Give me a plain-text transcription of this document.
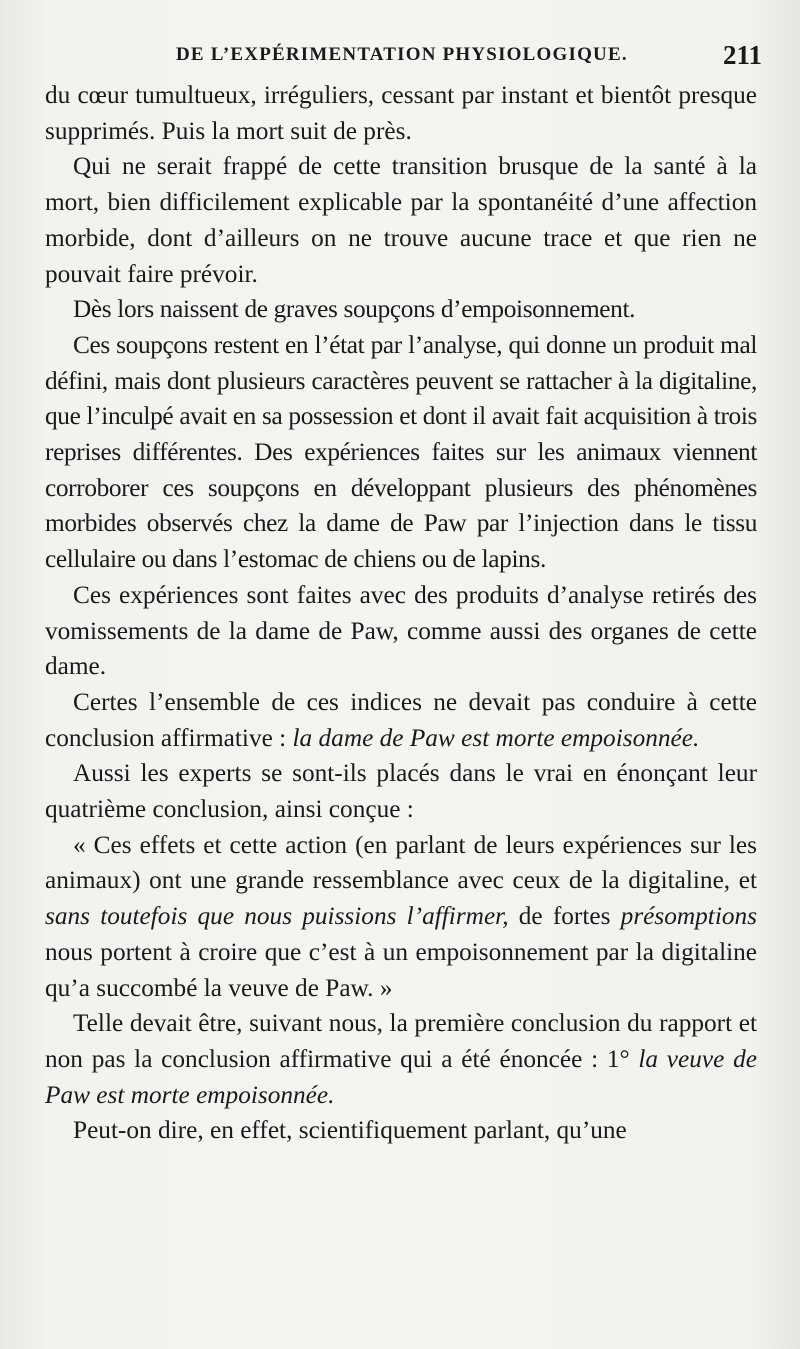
DE L’EXPÉRIMENTATION PHYSIOLOGIQUE.	211

du cœur tumultueux, irréguliers, cessant par instant et bientôt presque supprimés. Puis la mort suit de près.

Qui ne serait frappé de cette transition brusque de la santé à la mort, bien difficilement explicable par la spontanéité d’une affection morbide, dont d’ailleurs on ne trouve aucune trace et que rien ne pouvait faire prévoir.

Dès lors naissent de graves soupçons d’empoisonnement.

Ces soupçons restent en l’état par l’analyse, qui donne un produit mal défini, mais dont plusieurs caractères peuvent se rattacher à la digitaline, que l’inculpé avait en sa possession et dont il avait fait acquisition à trois reprises différentes. Des expériences faites sur les animaux viennent corroborer ces soupçons en développant plusieurs des phénomènes morbides observés chez la dame de Paw par l’injection dans le tissu cellulaire ou dans l’estomac de chiens ou de lapins.

Ces expériences sont faites avec des produits d’analyse retirés des vomissements de la dame de Paw, comme aussi des organes de cette dame.

Certes l’ensemble de ces indices ne devait pas conduire à cette conclusion affirmative : la dame de Paw est morte empoisonnée.

Aussi les experts se sont-ils placés dans le vrai en énonçant leur quatrième conclusion, ainsi conçue :

« Ces effets et cette action (en parlant de leurs expériences sur les animaux) ont une grande ressemblance avec ceux de la digitaline, et sans toutefois que nous puissions l’affirmer, de fortes présomptions nous portent à croire que c’est à un empoisonnement par la digitaline qu’a succombé la veuve de Paw. »

Telle devait être, suivant nous, la première conclusion du rapport et non pas la conclusion affirmative qui a été énoncée : 1° la veuve de Paw est morte empoisonnée.

Peut-on dire, en effet, scientifiquement parlant, qu’une
